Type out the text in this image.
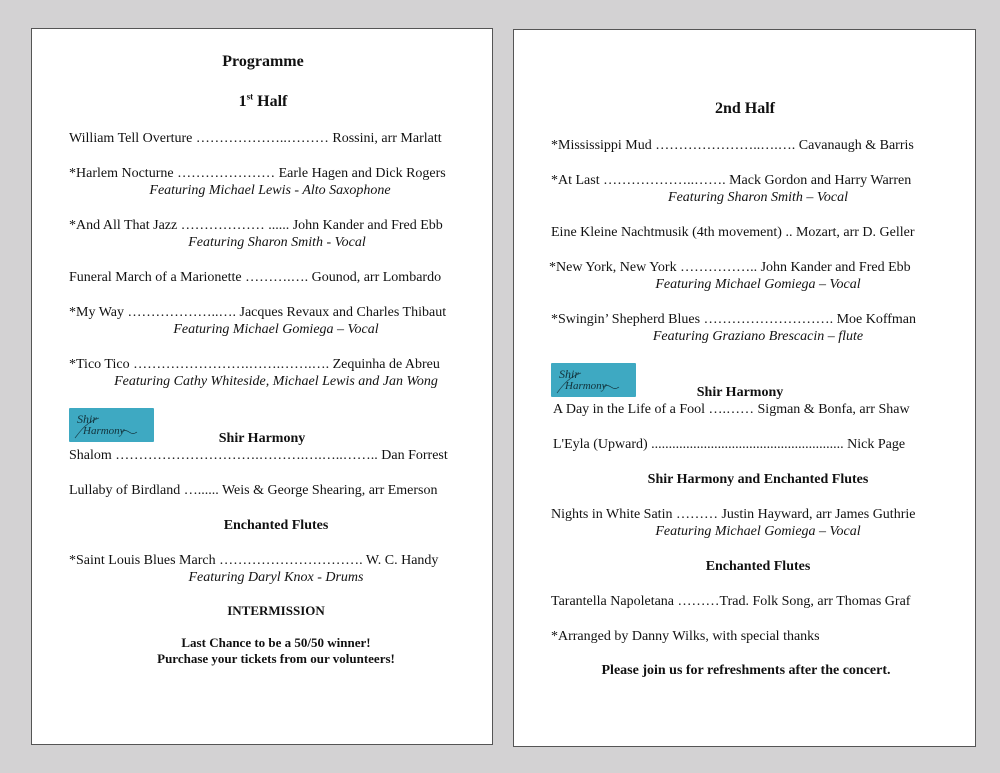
Programme
1st Half
William Tell Overture ………………..……… Rossini, arr Marlatt
*Harlem Nocturne ………………… Earle Hagen and Dick Rogers
Featuring Michael Lewis - Alto Saxophone
*And All That Jazz ……………… ...... John Kander and Fred Ebb
Featuring Sharon Smith - Vocal
Funeral March of a Marionette ……….…. Gounod, arr Lombardo
*My Way ………………..…. Jacques Revaux and Charles Thibaut
Featuring Michael Gomiega – Vocal
*Tico Tico …………………….…….…….…. Zequinha de Abreu
Featuring Cathy Whiteside, Michael Lewis and Jan Wong
Shir
Harmony	Shir Harmony
Shalom ………………………….……….….…..…….. Dan Forrest
Lullaby of Birdland …...... Weis & George Shearing, arr Emerson
Enchanted Flutes
*Saint Louis Blues March …………………………. W. C. Handy
Featuring Daryl Knox - Drums
INTERMISSION
Last Chance to be a 50/50 winner!
Purchase your tickets from our volunteers!
2nd Half
*Mississippi Mud …………………..….…. Cavanaugh & Barris
*At Last ………………..……. Mack Gordon and Harry Warren
Featuring Sharon Smith – Vocal
Eine Kleine Nachtmusik (4th movement) .. Mozart, arr D. Geller
*New York, New York …………….. John Kander and Fred Ebb
Featuring Michael Gomiega – Vocal
*Swingin’ Shepherd Blues ………………………. Moe Koffman
Featuring Graziano Brescacin – flute
Shir
Harmony	Shir Harmony
A Day in the Life of a Fool ….…… Sigman & Bonfa, arr Shaw
L'Eyla (Upward) ....................................................... Nick Page
Shir Harmony and Enchanted Flutes
Nights in White Satin ……… Justin Hayward, arr James Guthrie
Featuring Michael Gomiega – Vocal
Enchanted Flutes
Tarantella Napoletana ………Trad. Folk Song, arr Thomas Graf
*Arranged by Danny Wilks, with special thanks
Please join us for refreshments after the concert.
